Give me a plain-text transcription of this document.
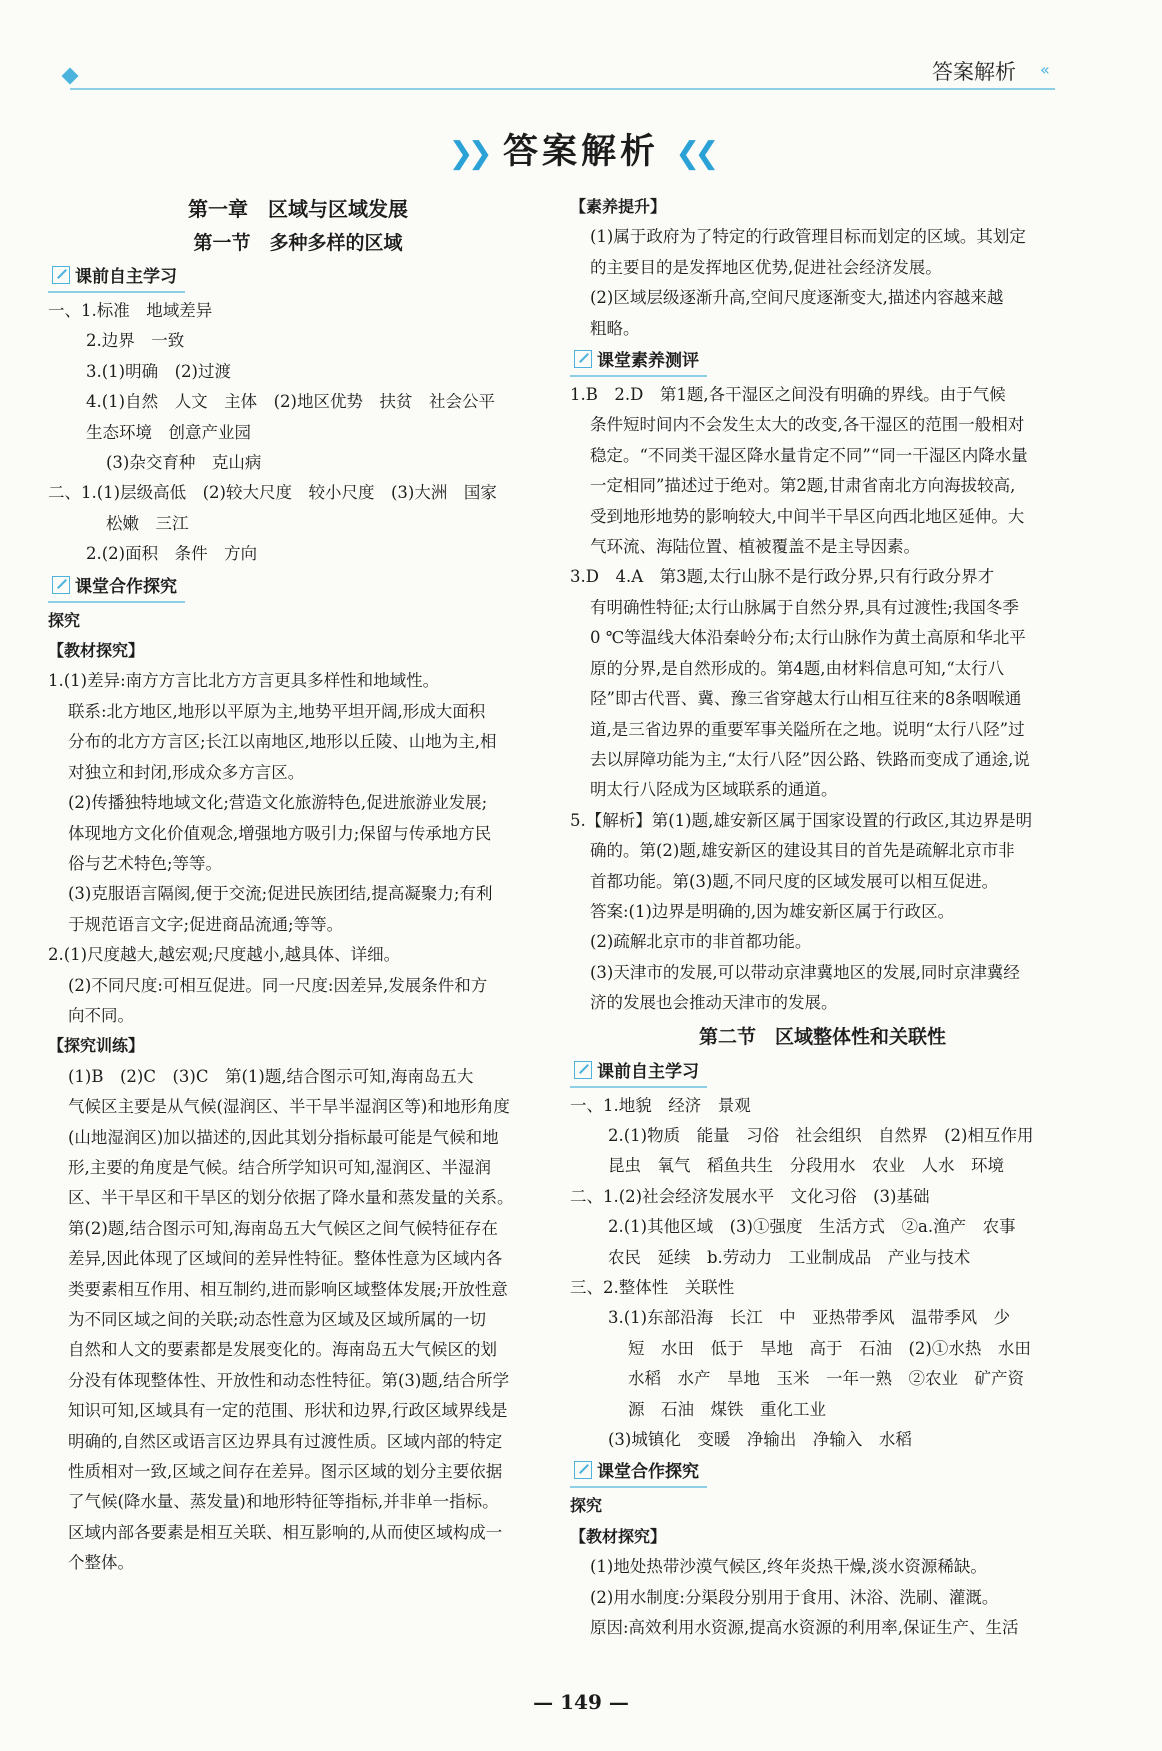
答案解析 «
❯❯ 答案解析 ❮❮
第一章　区域与区域发展
第一节　多种多样的区域
课前自主学习
一、1.标准　地域差异
2.边界　一致
3.(1)明确　(2)过渡
4.(1)自然　人文　主体　(2)地区优势　扶贫　社会公平
生态环境　创意产业园
(3)杂交育种　克山病
二、1.(1)层级高低　(2)较大尺度　较小尺度　(3)大洲　国家
松嫩　三江
2.(2)面积　条件　方向
课堂合作探究
探究
【教材探究】
1.(1)差异:南方方言比北方方言更具多样性和地域性。
联系:北方地区,地形以平原为主,地势平坦开阔,形成大面积
分布的北方方言区;长江以南地区,地形以丘陵、山地为主,相
对独立和封闭,形成众多方言区。
(2)传播独特地域文化;营造文化旅游特色,促进旅游业发展;
体现地方文化价值观念,增强地方吸引力;保留与传承地方民
俗与艺术特色;等等。
(3)克服语言隔阂,便于交流;促进民族团结,提高凝聚力;有利
于规范语言文字;促进商品流通;等等。
2.(1)尺度越大,越宏观;尺度越小,越具体、详细。
(2)不同尺度:可相互促进。同一尺度:因差异,发展条件和方
向不同。
【探究训练】
(1)B　(2)C　(3)C　第(1)题,结合图示可知,海南岛五大
气候区主要是从气候(湿润区、半干旱半湿润区等)和地形角度
(山地湿润区)加以描述的,因此其划分指标最可能是气候和地
形,主要的角度是气候。结合所学知识可知,湿润区、半湿润
区、半干旱区和干旱区的划分依据了降水量和蒸发量的关系。
第(2)题,结合图示可知,海南岛五大气候区之间气候特征存在
差异,因此体现了区域间的差异性特征。整体性意为区域内各
类要素相互作用、相互制约,进而影响区域整体发展;开放性意
为不同区域之间的关联;动态性意为区域及区域所属的一切
自然和人文的要素都是发展变化的。海南岛五大气候区的划
分没有体现整体性、开放性和动态性特征。第(3)题,结合所学
知识可知,区域具有一定的范围、形状和边界,行政区域界线是
明确的,自然区或语言区边界具有过渡性质。区域内部的特定
性质相对一致,区域之间存在差异。图示区域的划分主要依据
了气候(降水量、蒸发量)和地形特征等指标,并非单一指标。
区域内部各要素是相互关联、相互影响的,从而使区域构成一
个整体。
【素养提升】
(1)属于政府为了特定的行政管理目标而划定的区域。其划定
的主要目的是发挥地区优势,促进社会经济发展。
(2)区域层级逐渐升高,空间尺度逐渐变大,描述内容越来越
粗略。
课堂素养测评
1.B　2.D　第1题,各干湿区之间没有明确的界线。由于气候
条件短时间内不会发生太大的改变,各干湿区的范围一般相对
稳定。“不同类干湿区降水量肯定不同”“同一干湿区内降水量
一定相同”描述过于绝对。第2题,甘肃省南北方向海拔较高,
受到地形地势的影响较大,中间半干旱区向西北地区延伸。大
气环流、海陆位置、植被覆盖不是主导因素。
3.D　4.A　第3题,太行山脉不是行政分界,只有行政分界才
有明确性特征;太行山脉属于自然分界,具有过渡性;我国冬季
0 ℃等温线大体沿秦岭分布;太行山脉作为黄土高原和华北平
原的分界,是自然形成的。第4题,由材料信息可知,“太行八
陉”即古代晋、冀、豫三省穿越太行山相互往来的8条咽喉通
道,是三省边界的重要军事关隘所在之地。说明“太行八陉”过
去以屏障功能为主,“太行八陉”因公路、铁路而变成了通途,说
明太行八陉成为区域联系的通道。
5.【解析】第(1)题,雄安新区属于国家设置的行政区,其边界是明
确的。第(2)题,雄安新区的建设其目的首先是疏解北京市非
首都功能。第(3)题,不同尺度的区域发展可以相互促进。
答案:(1)边界是明确的,因为雄安新区属于行政区。
(2)疏解北京市的非首都功能。
(3)天津市的发展,可以带动京津冀地区的发展,同时京津冀经
济的发展也会推动天津市的发展。
第二节　区域整体性和关联性
课前自主学习
一、1.地貌　经济　景观
2.(1)物质　能量　习俗　社会组织　自然界　(2)相互作用
昆虫　氧气　稻鱼共生　分段用水　农业　人水　环境
二、1.(2)社会经济发展水平　文化习俗　(3)基础
2.(1)其他区域　(3)①强度　生活方式　②a.渔产　农事
农民　延续　b.劳动力　工业制成品　产业与技术
三、2.整体性　关联性
3.(1)东部沿海　长江　中　亚热带季风　温带季风　少
短　水田　低于　旱地　高于　石油　(2)①水热　水田
水稻　水产　旱地　玉米　一年一熟　②农业　矿产资
源　石油　煤铁　重化工业
(3)城镇化　变暖　净输出　净输入　水稻
课堂合作探究
探究
【教材探究】
(1)地处热带沙漠气候区,终年炎热干燥,淡水资源稀缺。
(2)用水制度:分渠段分别用于食用、沐浴、洗刷、灌溉。
原因:高效利用水资源,提高水资源的利用率,保证生产、生活
— 149 —
